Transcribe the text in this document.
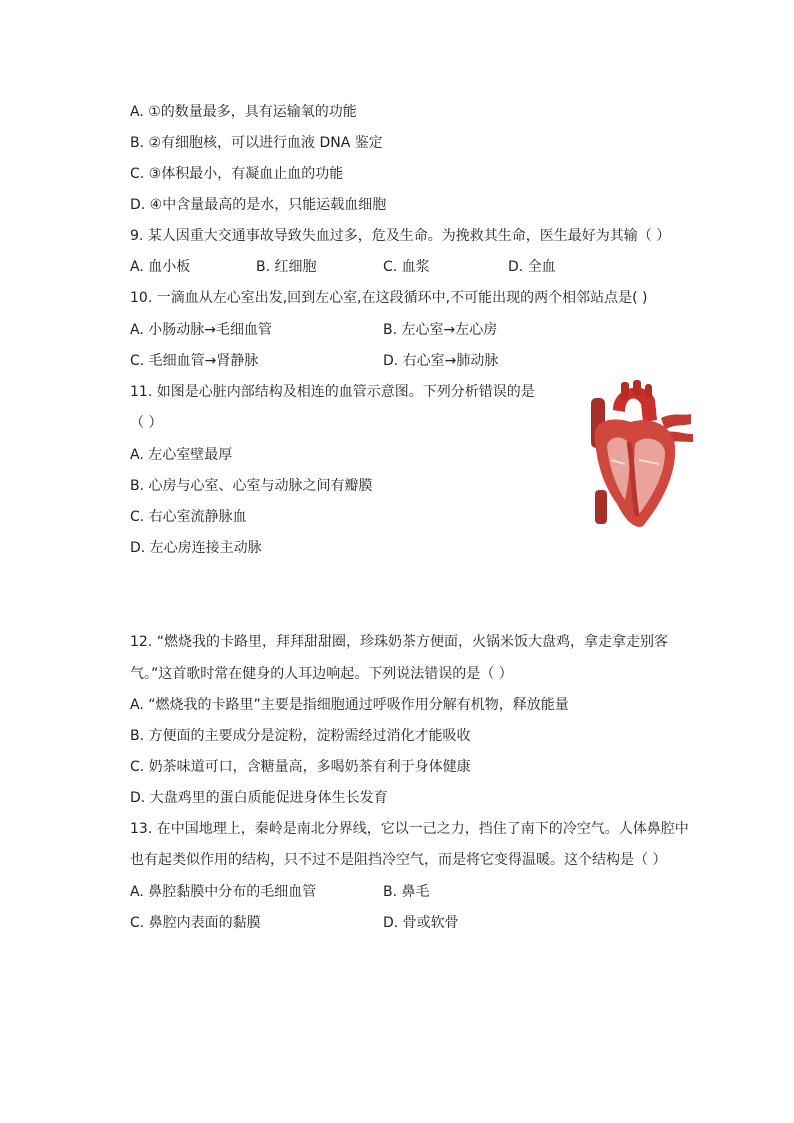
A. ①的数量最多，具有运输氧的功能
B. ②有细胞核，可以进行血液 DNA 鉴定
C. ③体积最小，有凝血止血的功能
D. ④中含量最高的是水，只能运载血细胞
9. 某人因重大交通事故导致失血过多，危及生命。为挽救其生命，医生最好为其输（ ）
A. 血小板	B. 红细胞	C. 血浆	D. 全血
10. 一滴血从左心室出发,回到左心室,在这段循环中,不可能出现的两个相邻站点是( )
A. 小肠动脉→毛细血管	B. 左心室→左心房
C. 毛细血管→肾静脉	D. 右心室→肺动脉
11. 如图是心脏内部结构及相连的血管示意图。下列分析错误的是
（ ）
A. 左心室壁最厚
B. 心房与心室、心室与动脉之间有瓣膜
C. 右心室流静脉血
D. 左心房连接主动脉
12. “燃烧我的卡路里，拜拜甜甜圈，珍珠奶茶方便面，火锅米饭大盘鸡，拿走拿走别客
气。”这首歌时常在健身的人耳边响起。下列说法错误的是（ ）
A. “燃烧我的卡路里”主要是指细胞通过呼吸作用分解有机物，释放能量
B. 方便面的主要成分是淀粉，淀粉需经过消化才能吸收
C. 奶茶味道可口，含糖量高，多喝奶茶有利于身体健康
D. 大盘鸡里的蛋白质能促进身体生长发育
13. 在中国地理上，秦岭是南北分界线，它以一己之力，挡住了南下的冷空气。人体鼻腔中
也有起类似作用的结构，只不过不是阻挡冷空气，而是将它变得温暖。这个结构是（ ）
A. 鼻腔黏膜中分布的毛细血管	B. 鼻毛
C. 鼻腔内表面的黏膜	D. 骨或软骨
